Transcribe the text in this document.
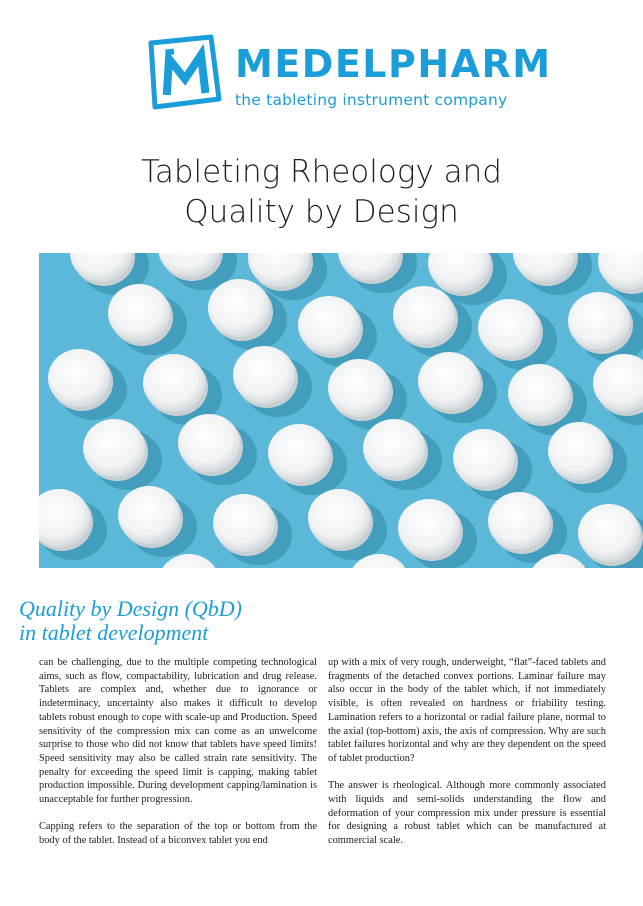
MEDELPHARM
the tableting instrument company
Tableting Rheology and
Quality by Design
Quality by Design (QbD)
in tablet development

can be challenging, due to the multiple competing technological aims, such as flow, compactability, lubrication and drug release. Tablets are complex and, whether due to ignorance or indeterminacy, uncertainty also makes it difficult to develop tablets robust enough to cope with scale-up and Production. Speed sensitivity of the compression mix can come as an unwelcome surprise to those who did not know that tablets have speed limits! Speed sensitivity may also be called strain rate sensitivity. The penalty for exceeding the speed limit is capping, making tablet production impossible. During development capping/lamination is unacceptable for further progression.

Capping refers to the separation of the top or bottom from the body of the tablet. Instead of a biconvex tablet you end

up with a mix of very rough, underweight, “flat”-faced tablets and fragments of the detached convex portions. Laminar failure may also occur in the body of the tablet which, if not immediately visible, is often revealed on hardness or friability testing. Lamination refers to a horizontal or radial failure plane, normal to the axial (top-bottom) axis, the axis of compression. Why are such tablet failures horizontal and why are they dependent on the speed of tablet production?

The answer is rheological. Although more commonly associated with liquids and semi-solids understanding the flow and deformation of your compression mix under pressure is essential for designing a robust tablet which can be manufactured at commercial scale.
